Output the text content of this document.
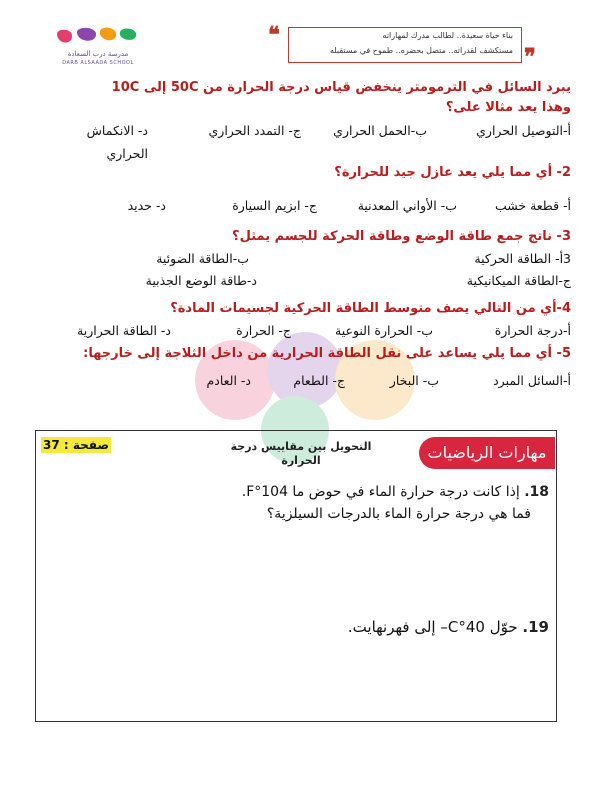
مدرسة درب السعادة
DARB ALSAADA SCHOOL
❝	بناء حياة سعيدة.. لطالب مدرك لمهاراته
مستكشف لقدراته.. متصل بحضره.. طموح في مستقبله ❞
يبرد السائل في الترمومتر ينخفض قياس درجة الحرارة من 50C إلى 10C
وهذا يعد مثالا على؟
أ-التوصيل الحراري
ب-الحمل الحراري
ج- التمدد الحراري
د- الانكماش
الحراري
2- أي مما يلي يعد عازل جيد للحرارة؟
أ- قطعة خشب
ب- الأواني المعدنية
ج- ابزيم السيارة
د- حديد
3- ناتج جمع طاقة الوضع وطاقة الحركة للجسم يمثل؟
3أ- الطاقة الحركية
ب-الطاقة الضوئية
ج-الطاقة الميكانيكية
د-طاقة الوضع الجذبية
4-أي من التالي يصف متوسط الطاقة الحركية لجسيمات المادة؟
أ-درجة الحرارة
ب- الحرارة النوعية
ج- الحرارة
د- الطاقة الحرارية
5- أي مما يلي يساعد على نقل الطاقة الحرارية من داخل الثلاجة إلى خارجها:
أ-السائل المبرد
ب- البخار
ج- الطعام
د- العادم
مهارات الرياضيات
التحويل بين مقاييس درجة
الحرارة
صفحة : 37
18. إذا كانت درجة حرارة الماء في حوض ما 104°F.
فما هي درجة حرارة الماء بالدرجات السيلزية؟
19. حوّل 40°C– إلى فهرنهايت.
